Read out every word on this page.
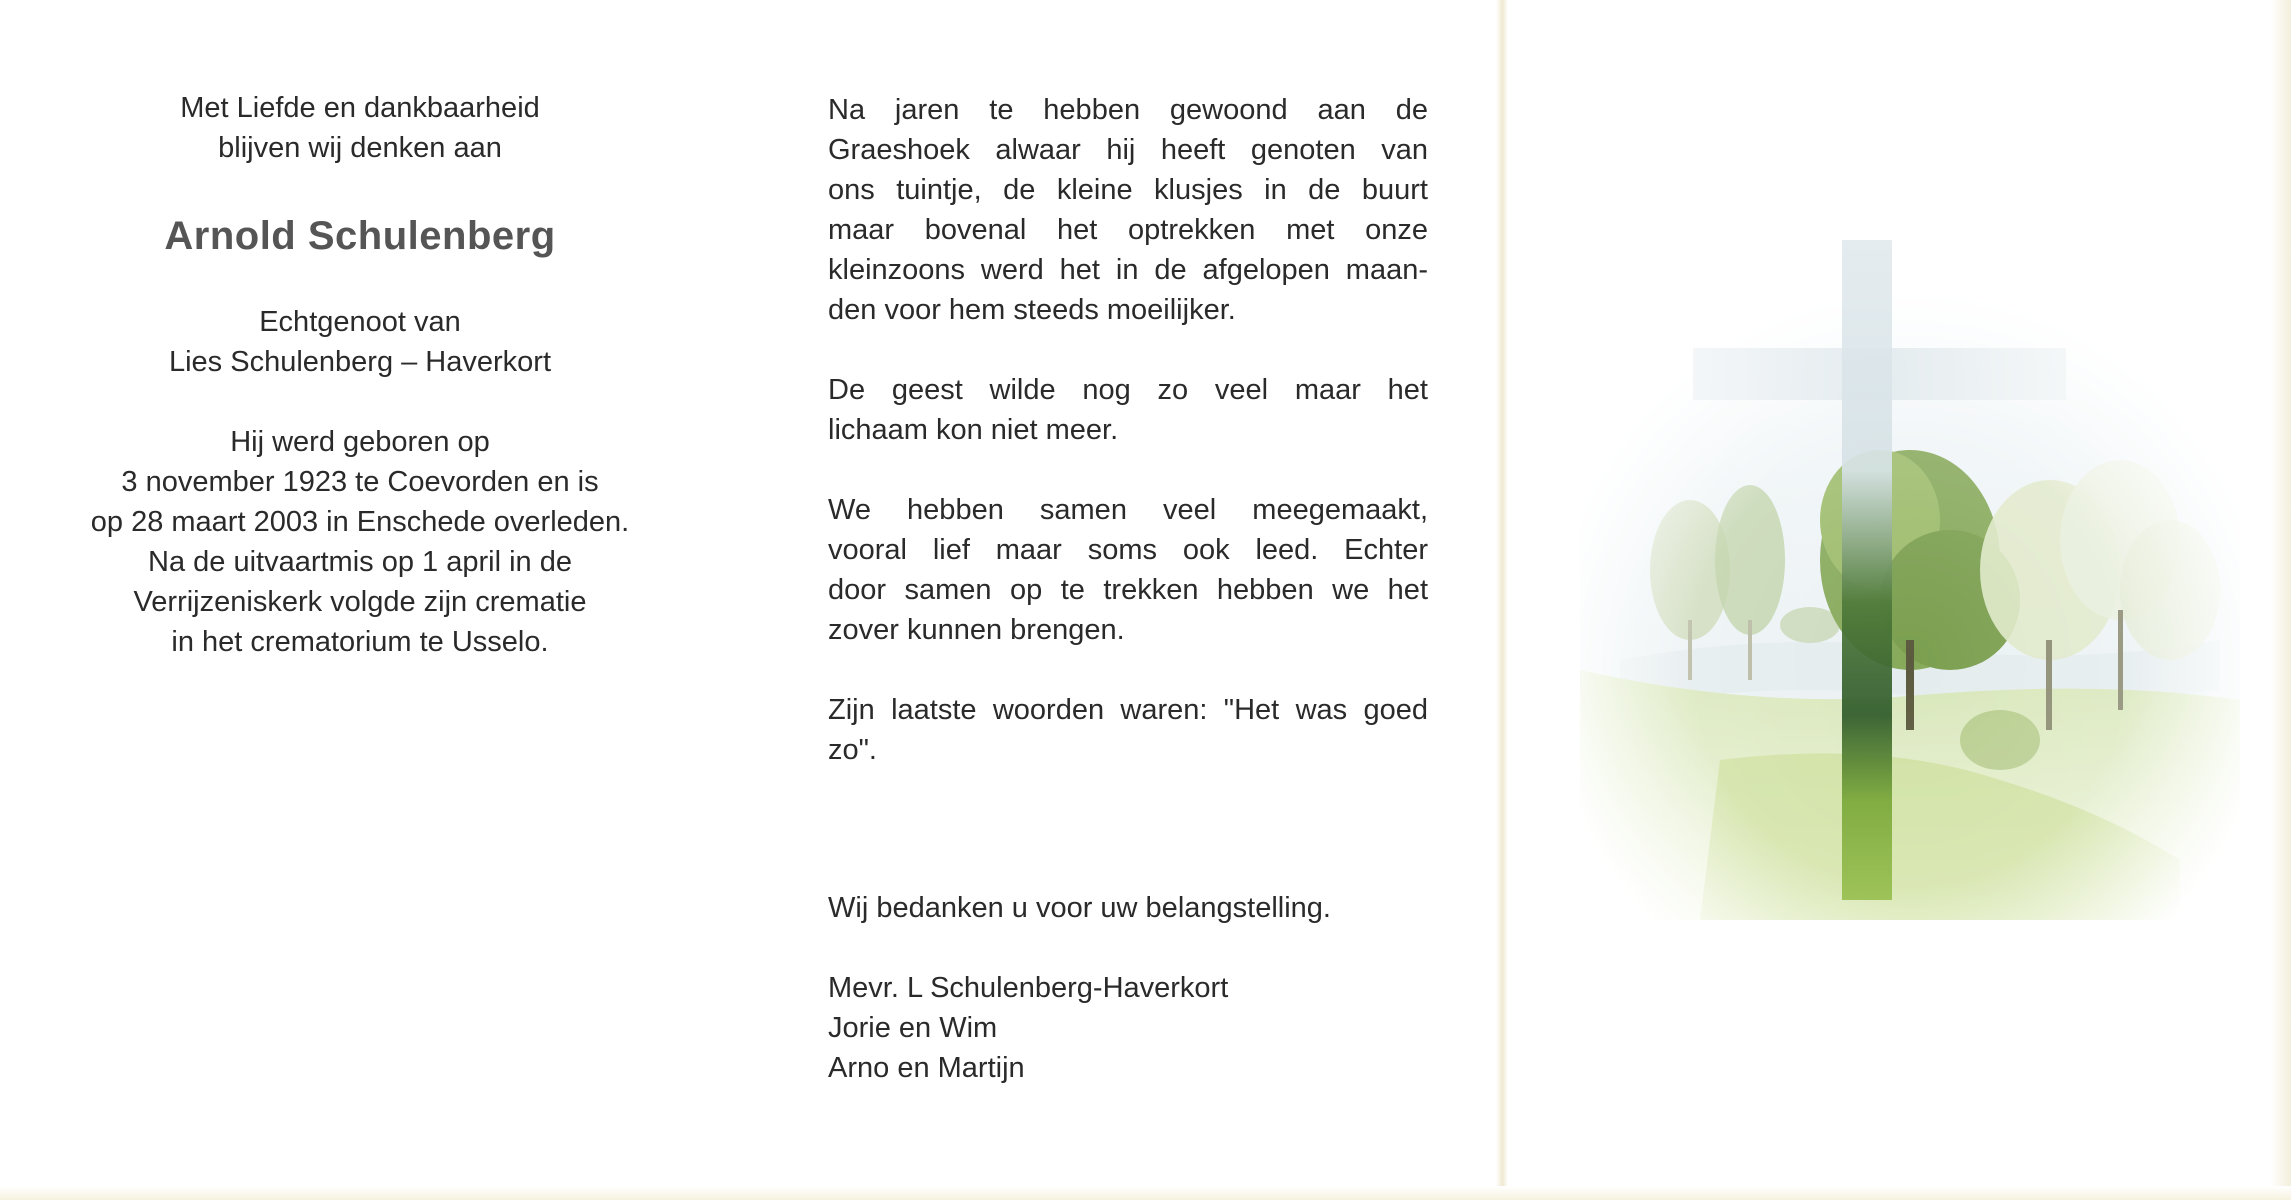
Met Liefde en dankbaarheid
blijven wij denken aan
Arnold Schulenberg
Echtgenoot van
Lies Schulenberg – Haverkort
Hij werd geboren op
3 november 1923 te Coevorden en is
op 28 maart 2003 in Enschede overleden.
Na de uitvaartmis op 1 april in de
Verrijzeniskerk volgde zijn crematie
in het crematorium te Usselo.
Na jaren te hebben gewoond aan de
Graeshoek alwaar hij heeft genoten van
ons tuintje, de kleine klusjes in de buurt
maar bovenal het optrekken met onze
kleinzoons werd het in de afgelopen maan-
den voor hem steeds moeilijker.
De geest wilde nog zo veel maar het
lichaam kon niet meer.
We hebben samen veel meegemaakt,
vooral lief maar soms ook leed. Echter
door samen op te trekken hebben we het
zover kunnen brengen.
Zijn laatste woorden waren: "Het was goed
zo".
Wij bedanken u voor uw belangstelling.
Mevr. L Schulenberg-Haverkort
Jorie en Wim
Arno en Martijn
